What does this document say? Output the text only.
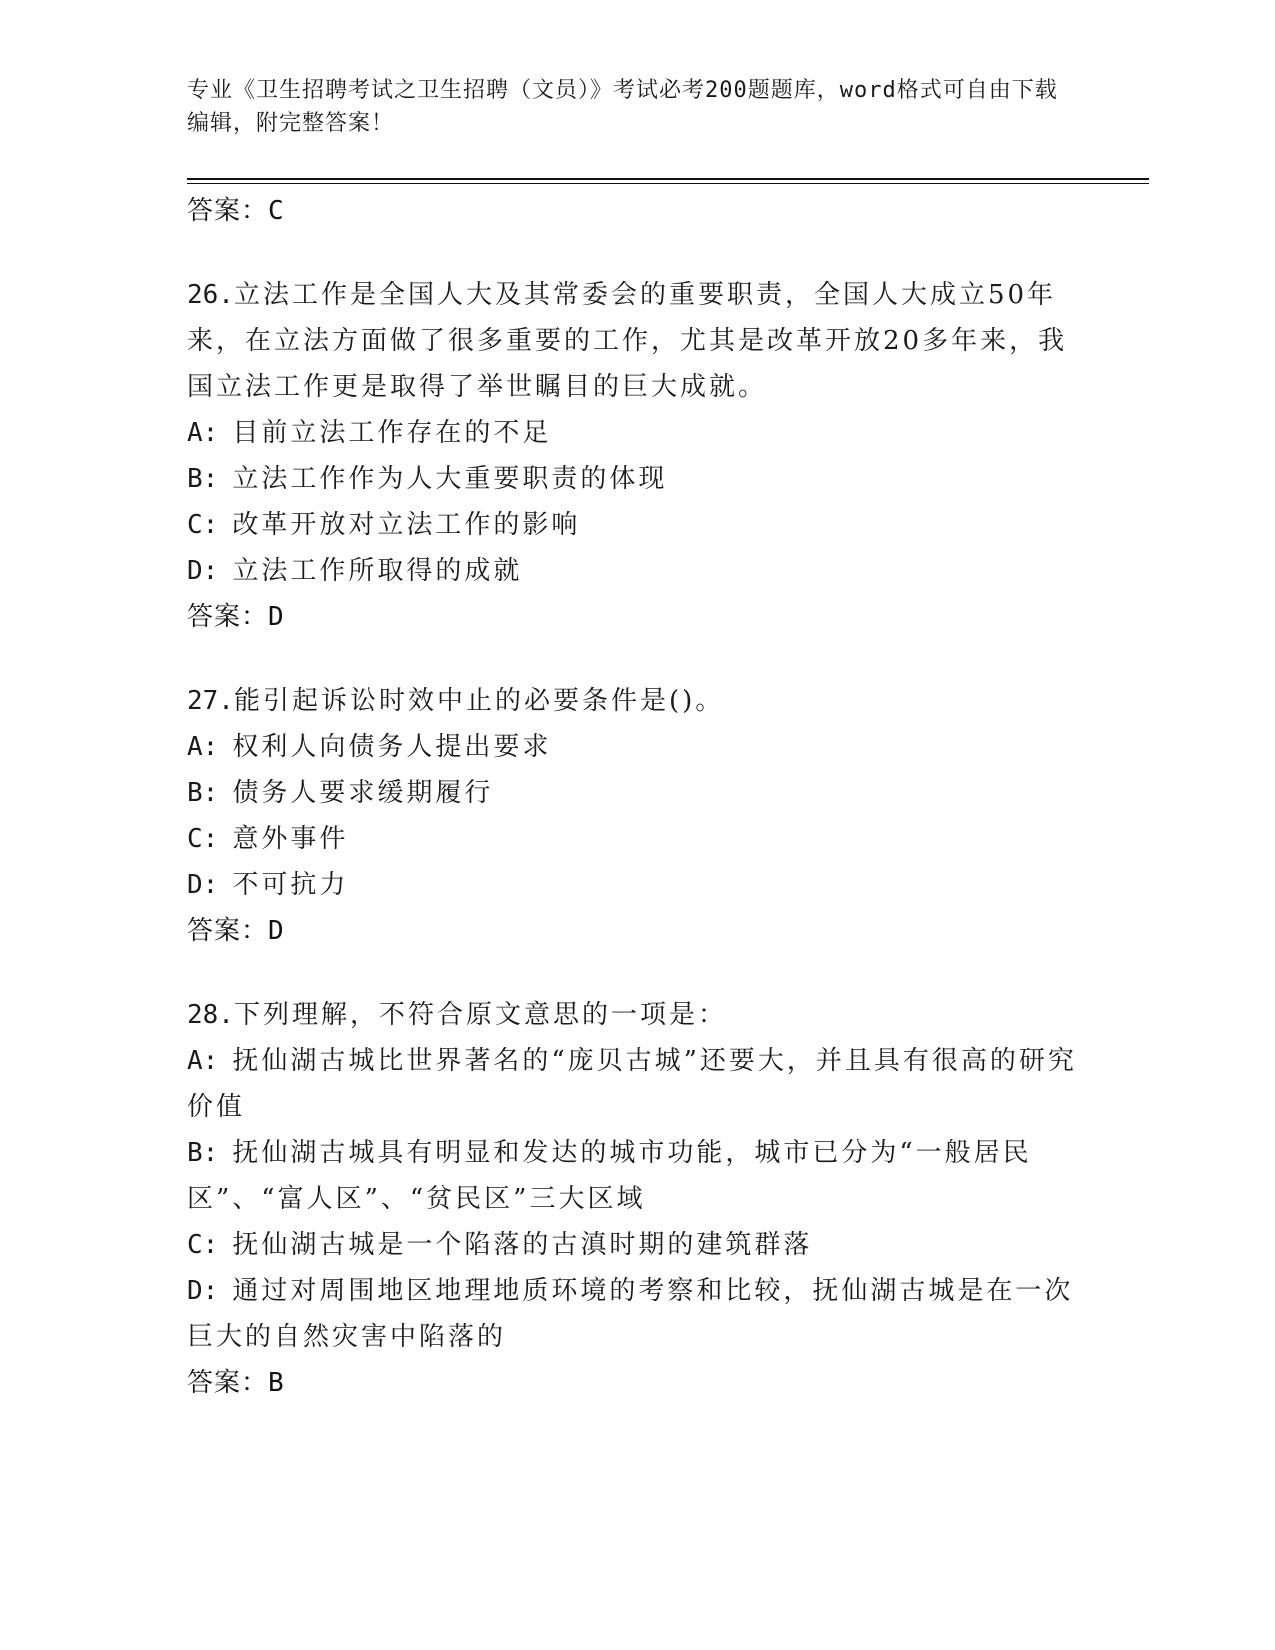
专业《卫生招聘考试之卫生招聘（文员）》考试必考200题题库，word格式可自由下载编辑，附完整答案！
答案：C
26.立法工作是全国人大及其常委会的重要职责，全国人大成立50年来，在立法方面做了很多重要的工作，尤其是改革开放20多年来，我国立法工作更是取得了举世瞩目的巨大成就。
A: 目前立法工作存在的不足
B: 立法工作作为人大重要职责的体现
C: 改革开放对立法工作的影响
D: 立法工作所取得的成就
答案：D
27.能引起诉讼时效中止的必要条件是()。
A: 权利人向债务人提出要求
B: 债务人要求缓期履行
C: 意外事件
D: 不可抗力
答案：D
28.下列理解，不符合原文意思的一项是：
A: 抚仙湖古城比世界著名的“庞贝古城”还要大，并且具有很高的研究价值
B: 抚仙湖古城具有明显和发达的城市功能，城市已分为“一般居民区”、“富人区”、“贫民区”三大区域
C: 抚仙湖古城是一个陷落的古滇时期的建筑群落
D: 通过对周围地区地理地质环境的考察和比较，抚仙湖古城是在一次巨大的自然灾害中陷落的
答案：B
